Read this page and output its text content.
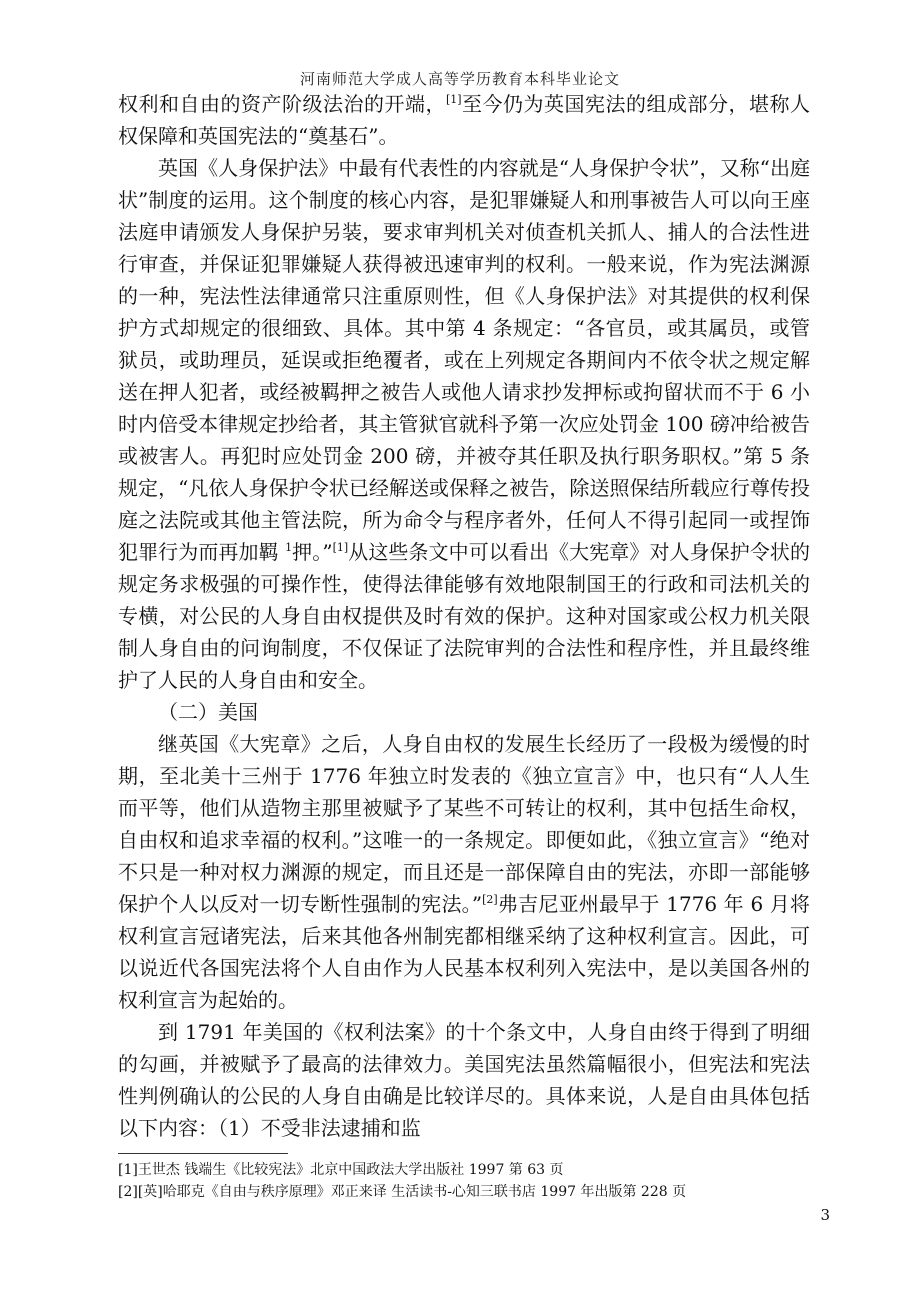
河南师范大学成人高等学历教育本科毕业论文

权利和自由的资产阶级法治的开端，[1]至今仍为英国宪法的组成部分，堪称人权保障和英国宪法的“奠基石”。

英国《人身保护法》中最有代表性的内容就是“人身保护令状”，又称“出庭状”制度的运用。这个制度的核心内容，是犯罪嫌疑人和刑事被告人可以向王座法庭申请颁发人身保护另装，要求审判机关对侦查机关抓人、捕人的合法性进行审查，并保证犯罪嫌疑人获得被迅速审判的权利。一般来说，作为宪法渊源的一种，宪法性法律通常只注重原则性，但《人身保护法》对其提供的权利保护方式却规定的很细致、具体。其中第 4 条规定：“各官员，或其属员，或管狱员，或助理员，延误或拒绝覆者，或在上列规定各期间内不依令状之规定解送在押人犯者，或经被羁押之被告人或他人请求抄发押标或拘留状而不于 6 小时内倍受本律规定抄给者，其主管狱官就科予第一次应处罚金 100 磅冲给被告或被害人。再犯时应处罚金 200 磅，并被夺其任职及执行职务职权。”第 5 条规定，“凡依人身保护令状已经解送或保释之被告，除送照保结所载应行尊传投庭之法院或其他主管法院，所为命令与程序者外，任何人不得引起同一或捏饰犯罪行为而再加羁 $^1$押。”[1]从这些条文中可以看出《大宪章》对人身保护令状的规定务求极强的可操作性，使得法律能够有效地限制国王的行政和司法机关的专横，对公民的人身自由权提供及时有效的保护。这种对国家或公权力机关限制人身自由的问询制度，不仅保证了法院审判的合法性和程序性，并且最终维护了人民的人身自由和安全。

（二）美国

继英国《大宪章》之后，人身自由权的发展生长经历了一段极为缓慢的时期，至北美十三州于 1776 年独立时发表的《独立宣言》中，也只有“人人生而平等，他们从造物主那里被赋予了某些不可转让的权利，其中包括生命权，自由权和追求幸福的权利。”这唯一的一条规定。即便如此，《独立宣言》“绝对不只是一种对权力渊源的规定，而且还是一部保障自由的宪法，亦即一部能够保护个人以反对一切专断性强制的宪法。”[2]弗吉尼亚州最早于 1776 年 6 月将权利宣言冠诸宪法，后来其他各州制宪都相继采纳了这种权利宣言。因此，可以说近代各国宪法将个人自由作为人民基本权利列入宪法中，是以美国各州的权利宣言为起始的。

到 1791 年美国的《权利法案》的十个条文中，人身自由终于得到了明细的勾画，并被赋予了最高的法律效力。美国宪法虽然篇幅很小，但宪法和宪法性判例确认的公民的人身自由确是比较详尽的。具体来说，人是自由具体包括以下内容：（1）不受非法逮捕和监

[1]王世杰 钱端生《比较宪法》北京中国政法大学出版社 1997 第 63 页
[2][英]哈耶克《自由与秩序原理》邓正来译 生活读书-心知三联书店 1997 年出版第 228 页
3
